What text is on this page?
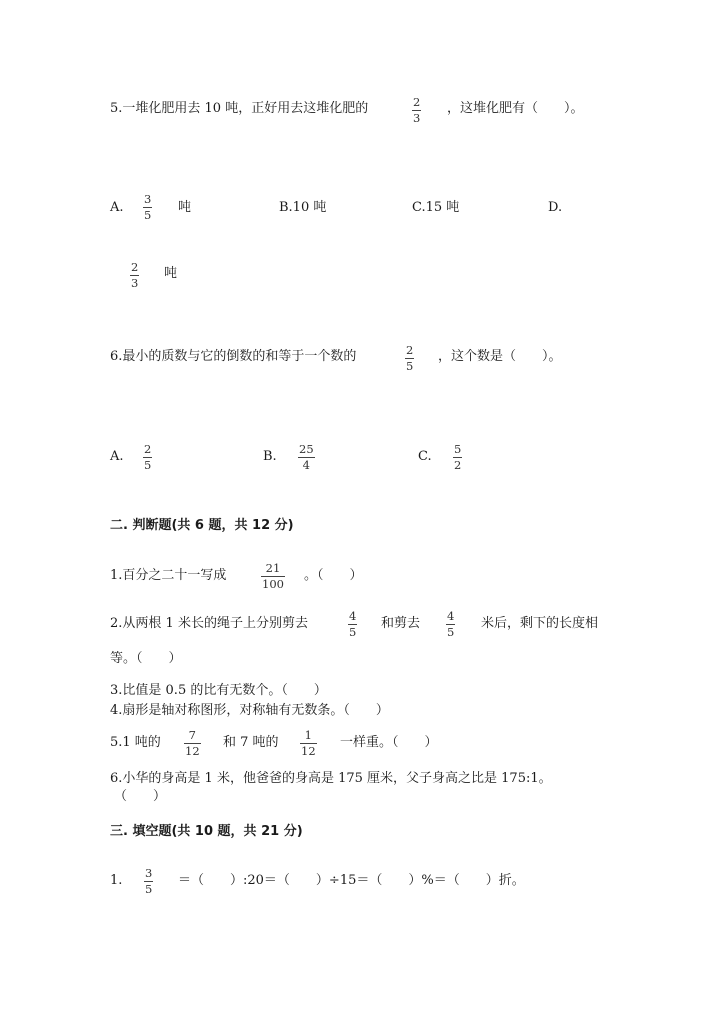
5.一堆化肥用去 10 吨，正好用去这堆化肥的	2
3
，这堆化肥有（　　）。
A.
3
5 吨	B.10 吨	C.15 吨	D.
2
3
吨
6.最小的质数与它的倒数的和等于一个数的	2
5
，这个数是（　　）。
A. 2
5
B. 25
4
C. 5
2
二. 判断题(共 6 题，共 12 分)
1.百分之二十一写成	21
100
。（　　）
2.从两根 1 米长的绳子上分别剪去	4
5
和剪去 4
5
米后，剩下的长度相
等。（　　）
3.比值是 0.5 的比有无数个。（　　）
4.扇形是轴对称图形，对称轴有无数条。（　　）
5.1 吨的 7
12
和 7 吨的 1
12
一样重。（　　）
6.小华的身高是 1 米，他爸爸的身高是 175 厘米，父子身高之比是 175:1。
（　　）
三. 填空题(共 10 题，共 21 分)
1. 3
5
＝（　　）:20＝（　　）÷15＝（　　）%＝（　　）折。
